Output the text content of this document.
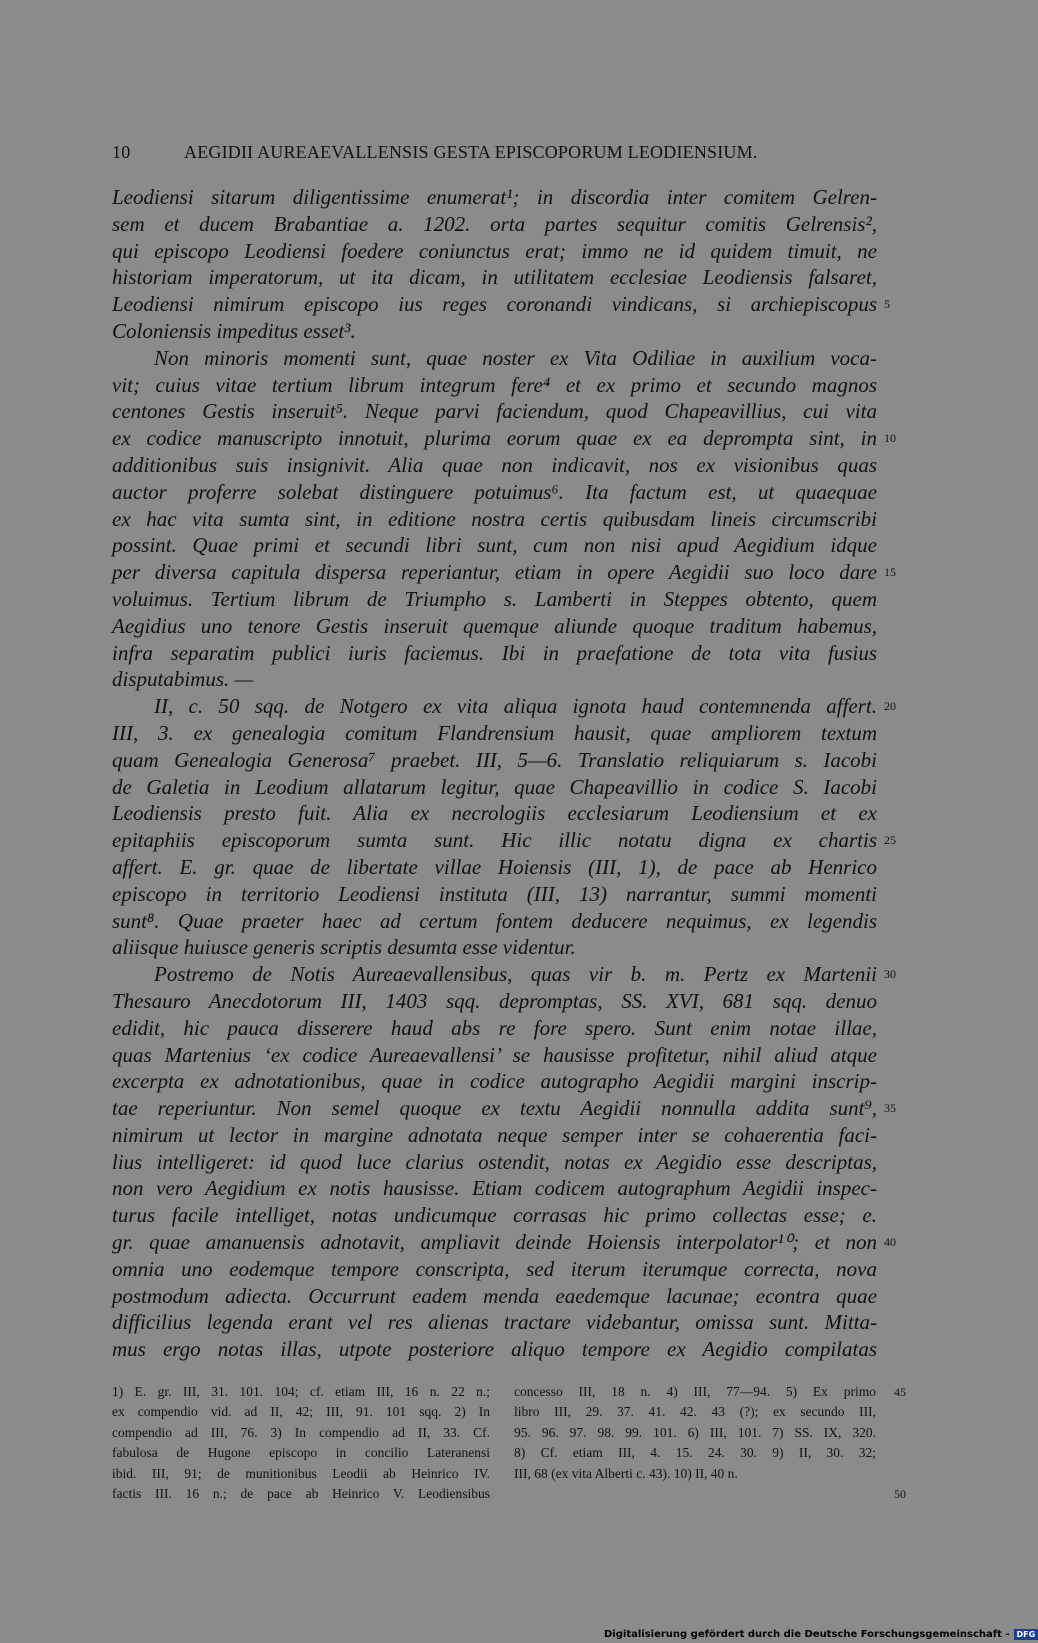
10	AEGIDII AUREAEVALLENSIS GESTA EPISCOPORUM LEODIENSIUM.
Leodiensi sitarum diligentissime enumerat¹; in discordia inter comitem Gelren-
sem et ducem Brabantiae a. 1202. orta partes sequitur comitis Gelrensis²,
qui episcopo Leodiensi foedere coniunctus erat; immo ne id quidem timuit, ne
historiam imperatorum, ut ita dicam, in utilitatem ecclesiae Leodiensis falsaret,
Leodiensi nimirum episcopo ius reges coronandi vindicans, si archiepiscopus 5
Coloniensis impeditus esset³.
Non minoris momenti sunt, quae noster ex Vita Odiliae in auxilium voca-
vit; cuius vitae tertium librum integrum fere⁴ et ex primo et secundo magnos
centones Gestis inseruit⁵. Neque parvi faciendum, quod Chapeavillius, cui vita
ex codice manuscripto innotuit, plurima eorum quae ex ea deprompta sint, in 10
additionibus suis insignivit. Alia quae non indicavit, nos ex visionibus quas
auctor proferre solebat distinguere potuimus⁶. Ita factum est, ut quaequae
ex hac vita sumta sint, in editione nostra certis quibusdam lineis circumscribi
possint. Quae primi et secundi libri sunt, cum non nisi apud Aegidium idque
per diversa capitula dispersa reperiantur, etiam in opere Aegidii suo loco dare 15
voluimus. Tertium librum de Triumpho s. Lamberti in Steppes obtento, quem
Aegidius uno tenore Gestis inseruit quemque aliunde quoque traditum habemus,
infra separatim publici iuris faciemus. Ibi in praefatione de tota vita fusius
disputabimus. —
II, c. 50 sqq. de Notgero ex vita aliqua ignota haud contemnenda affert. 20
III, 3. ex genealogia comitum Flandrensium hausit, quae ampliorem textum
quam Genealogia Generosa⁷ praebet. III, 5—6. Translatio reliquiarum s. Iacobi
de Galetia in Leodium allatarum legitur, quae Chapeavillio in codice S. Iacobi
Leodiensis presto fuit. Alia ex necrologiis ecclesiarum Leodiensium et ex
epitaphiis episcoporum sumta sunt. Hic illic notatu digna ex chartis 25
affert. E. gr. quae de libertate villae Hoiensis (III, 1), de pace ab Henrico
episcopo in territorio Leodiensi instituta (III, 13) narrantur, summi momenti
sunt⁸. Quae praeter haec ad certum fontem deducere nequimus, ex legendis
aliisque huiusce generis scriptis desumta esse videntur.
Postremo de Notis Aureaevallensibus, quas vir b. m. Pertz ex Martenii 30
Thesauro Anecdotorum III, 1403 sqq. depromptas, SS. XVI, 681 sqq. denuo
edidit, hic pauca disserere haud abs re fore spero. Sunt enim notae illae,
quas Martenius ‘ex codice Aureaevallensi’ se hausisse profitetur, nihil aliud atque
excerpta ex adnotationibus, quae in codice autographo Aegidii margini inscrip-
tae reperiuntur. Non semel quoque ex textu Aegidii nonnulla addita sunt⁹, 35
nimirum ut lector in margine adnotata neque semper inter se cohaerentia faci-
lius intelligeret: id quod luce clarius ostendit, notas ex Aegidio esse descriptas,
non vero Aegidium ex notis hausisse. Etiam codicem autographum Aegidii inspec-
turus facile intelliget, notas undicumque corrasas hic primo collectas esse; e.
gr. quae amanuensis adnotavit, ampliavit deinde Hoiensis interpolator¹⁰; et non 40
omnia uno eodemque tempore conscripta, sed iterum iterumque correcta, nova
postmodum adiecta. Occurrunt eadem menda eaedemque lacunae; econtra quae
difficilius legenda erant vel res alienas tractare videbantur, omissa sunt. Mitta-
mus ergo notas illas, utpote posteriore aliquo tempore ex Aegidio compilatas
1) E. gr. III, 31. 101. 104; cf. etiam III, 16 n. 22 n.; concesso III, 18 n. 4) III, 77—94. 5) Ex primo 45
ex compendio vid. ad II, 42; III, 91. 101 sqq. 2) In libro III, 29. 37. 41. 42. 43 (?); ex secundo III,
compendio ad III, 76. 3) In compendio ad II, 33. Cf. 95. 96. 97. 98. 99. 101. 6) III, 101. 7) SS. IX, 320.
fabulosa de Hugone episcopo in concilio Lateranensi 8) Cf. etiam III, 4. 15. 24. 30. 9) II, 30. 32;
ibid. III, 91; de munitionibus Leodii ab Heinrico IV. III, 68 (ex vita Alberti c. 43). 10) II, 40 n.
factis III. 16 n.; de pace ab Heinrico V. Leodiensibus	50
Digitalisierung gefördert durch die Deutsche Forschungsgemeinschaft - DFG
